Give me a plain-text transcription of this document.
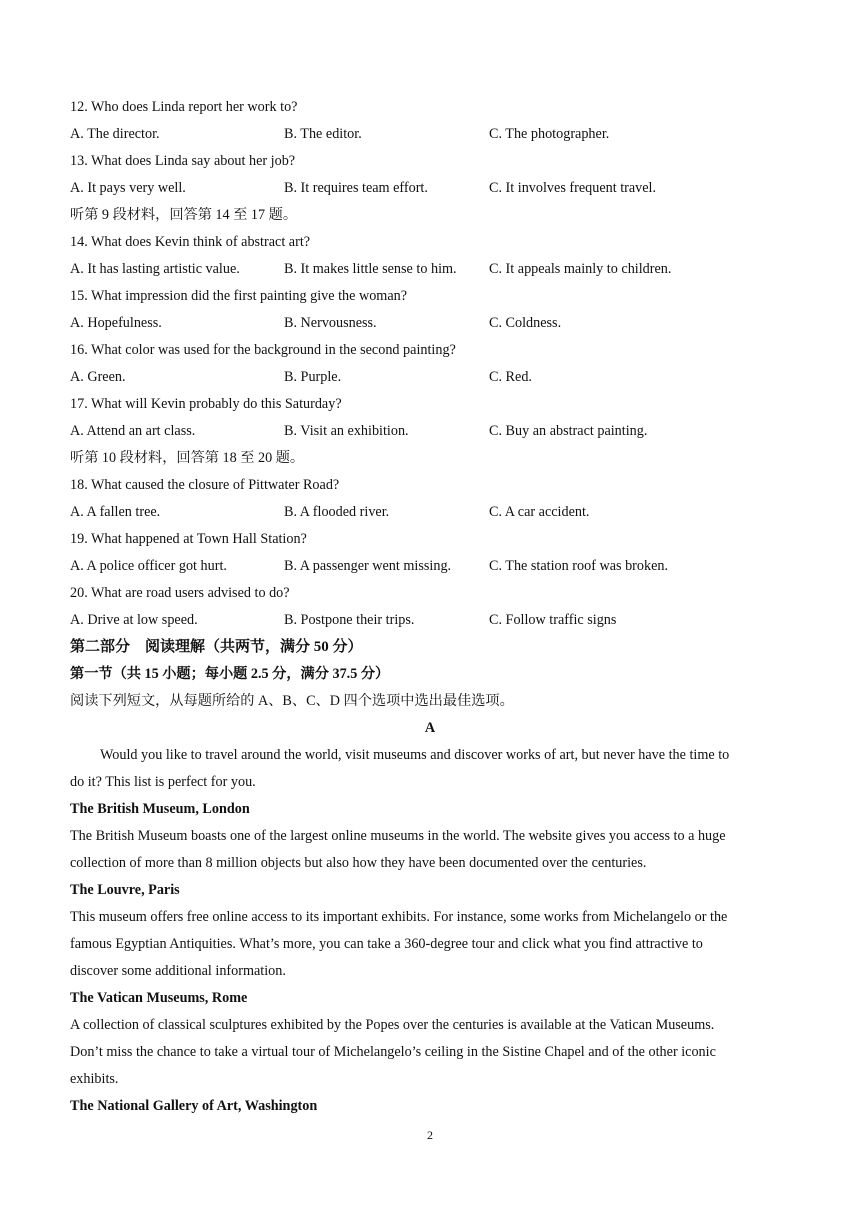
12. Who does Linda report her work to?
A. The director.	B. The editor.	C. The photographer.
13. What does Linda say about her job?
A. It pays very well.	B. It requires team effort.	C. It involves frequent travel.
听第 9 段材料，回答第 14 至 17 题。
14. What does Kevin think of abstract art?
A. It has lasting artistic value.	B. It makes little sense to him. C. It appeals mainly to children.
15. What impression did the first painting give the woman?
A. Hopefulness.	B. Nervousness.	C. Coldness.
16. What color was used for the background in the second painting?
A. Green.	B. Purple.	C. Red.
17. What will Kevin probably do this Saturday?
A. Attend an art class.	B. Visit an exhibition.	C. Buy an abstract painting.
听第 10 段材料，回答第 18 至 20 题。
18. What caused the closure of Pittwater Road?
A. A fallen tree.	B. A flooded river.	C. A car accident.
19. What happened at Town Hall Station?
A. A police officer got hurt.	B. A passenger went missing.	C. The station roof was broken.
20. What are road users advised to do?
A. Drive at low speed.	B. Postpone their trips.	C. Follow traffic signs
第二部分　阅读理解（共两节，满分 50 分）
第一节（共 15 小题；每小题 2.5 分，满分 37.5 分）
阅读下列短文，从每题所给的 A、B、C、D 四个选项中选出最佳选项。
A
Would you like to travel around the world, visit museums and discover works of art, but never have the time to
do it? This list is perfect for you.
The British Museum, London
The British Museum boasts one of the largest online museums in the world. The website gives you access to a huge
collection of more than 8 million objects but also how they have been documented over the centuries.
The Louvre, Paris
This museum offers free online access to its important exhibits. For instance, some works from Michelangelo or the
famous Egyptian Antiquities. What’s more, you can take a 360-degree tour and click what you find attractive to
discover some additional information.
The Vatican Museums, Rome
A collection of classical sculptures exhibited by the Popes over the centuries is available at the Vatican Museums.
Don’t miss the chance to take a virtual tour of Michelangelo’s ceiling in the Sistine Chapel and of the other iconic
exhibits.
The National Gallery of Art, Washington
2
